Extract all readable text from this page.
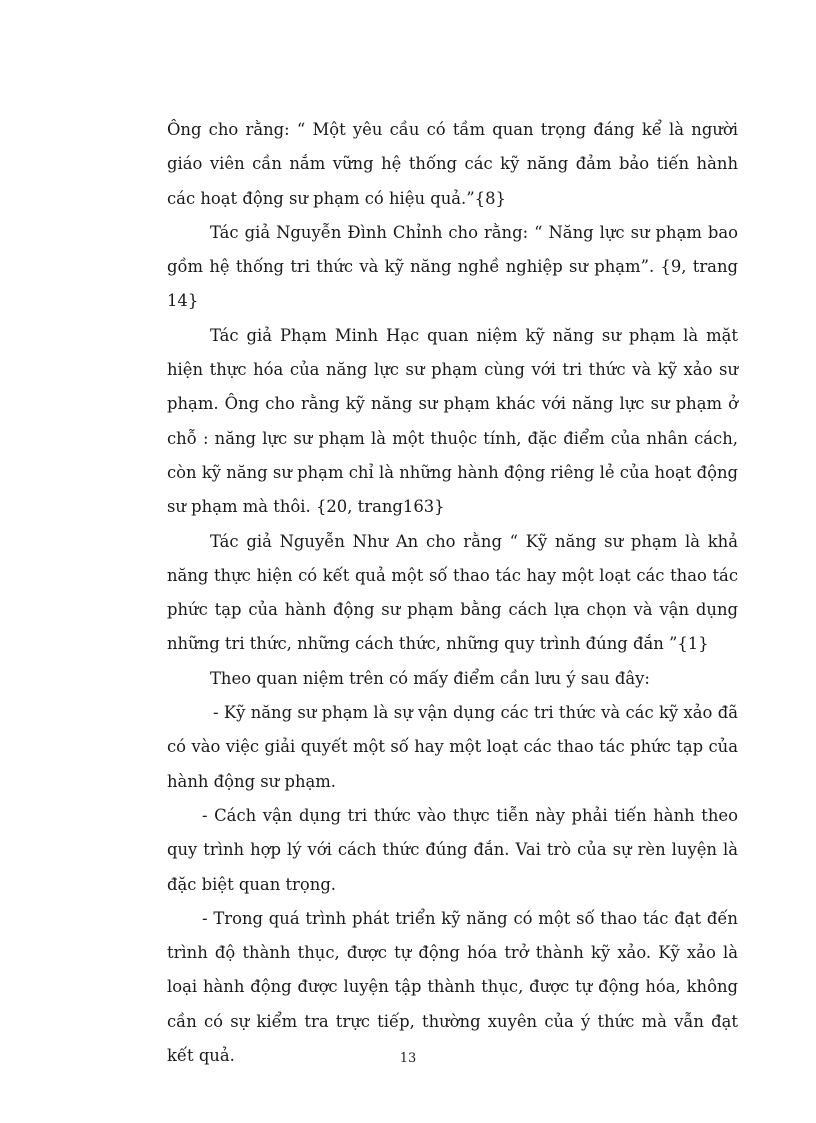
Ông cho rằng: “ Một yêu cầu có tầm quan trọng đáng kể là người giáo viên cần nắm vững hệ thống các kỹ năng đảm bảo tiến hành các hoạt động sư phạm có hiệu quả.”{8}

Tác giả Nguyễn Đình Chỉnh cho rằng: “ Năng lực sư phạm bao gồm hệ thống tri thức và kỹ năng nghề nghiệp sư phạm”. {9, trang 14}

Tác giả Phạm Minh Hạc quan niệm kỹ năng sư phạm là mặt hiện thực hóa của năng lực sư phạm cùng với tri thức và kỹ xảo sư phạm. Ông cho rằng kỹ năng sư phạm khác với năng lực sư phạm ở chỗ : năng lực sư phạm là một thuộc tính, đặc điểm của nhân cách, còn kỹ năng sư phạm chỉ là những hành động riêng lẻ của hoạt động sư phạm mà thôi. {20, trang163}

Tác giả Nguyễn Như An cho rằng “ Kỹ năng sư phạm là khả năng thực hiện có kết quả một số thao tác hay một loạt các thao tác phức tạp của hành động sư phạm bằng cách lựa chọn và vận dụng những tri thức, những cách thức, những quy trình đúng đắn ”{1}

Theo quan niệm trên có mấy điểm cần lưu ý sau đây:

- Kỹ năng sư phạm là sự vận dụng các tri thức và các kỹ xảo đã có vào việc giải quyết một số hay một loạt các thao tác phức tạp của hành động sư phạm.

- Cách vận dụng tri thức vào thực tiễn này phải tiến hành theo quy trình hợp lý với cách thức đúng đắn. Vai trò của sự rèn luyện là đặc biệt quan trọng.

- Trong quá trình phát triển kỹ năng có một số thao tác đạt đến trình độ thành thục, được tự động hóa trở thành kỹ xảo. Kỹ xảo là loại hành động được luyện tập thành thục, được tự động hóa, không cần có sự kiểm tra trực tiếp, thường xuyên của ý thức mà vẫn đạt kết quả.	13
